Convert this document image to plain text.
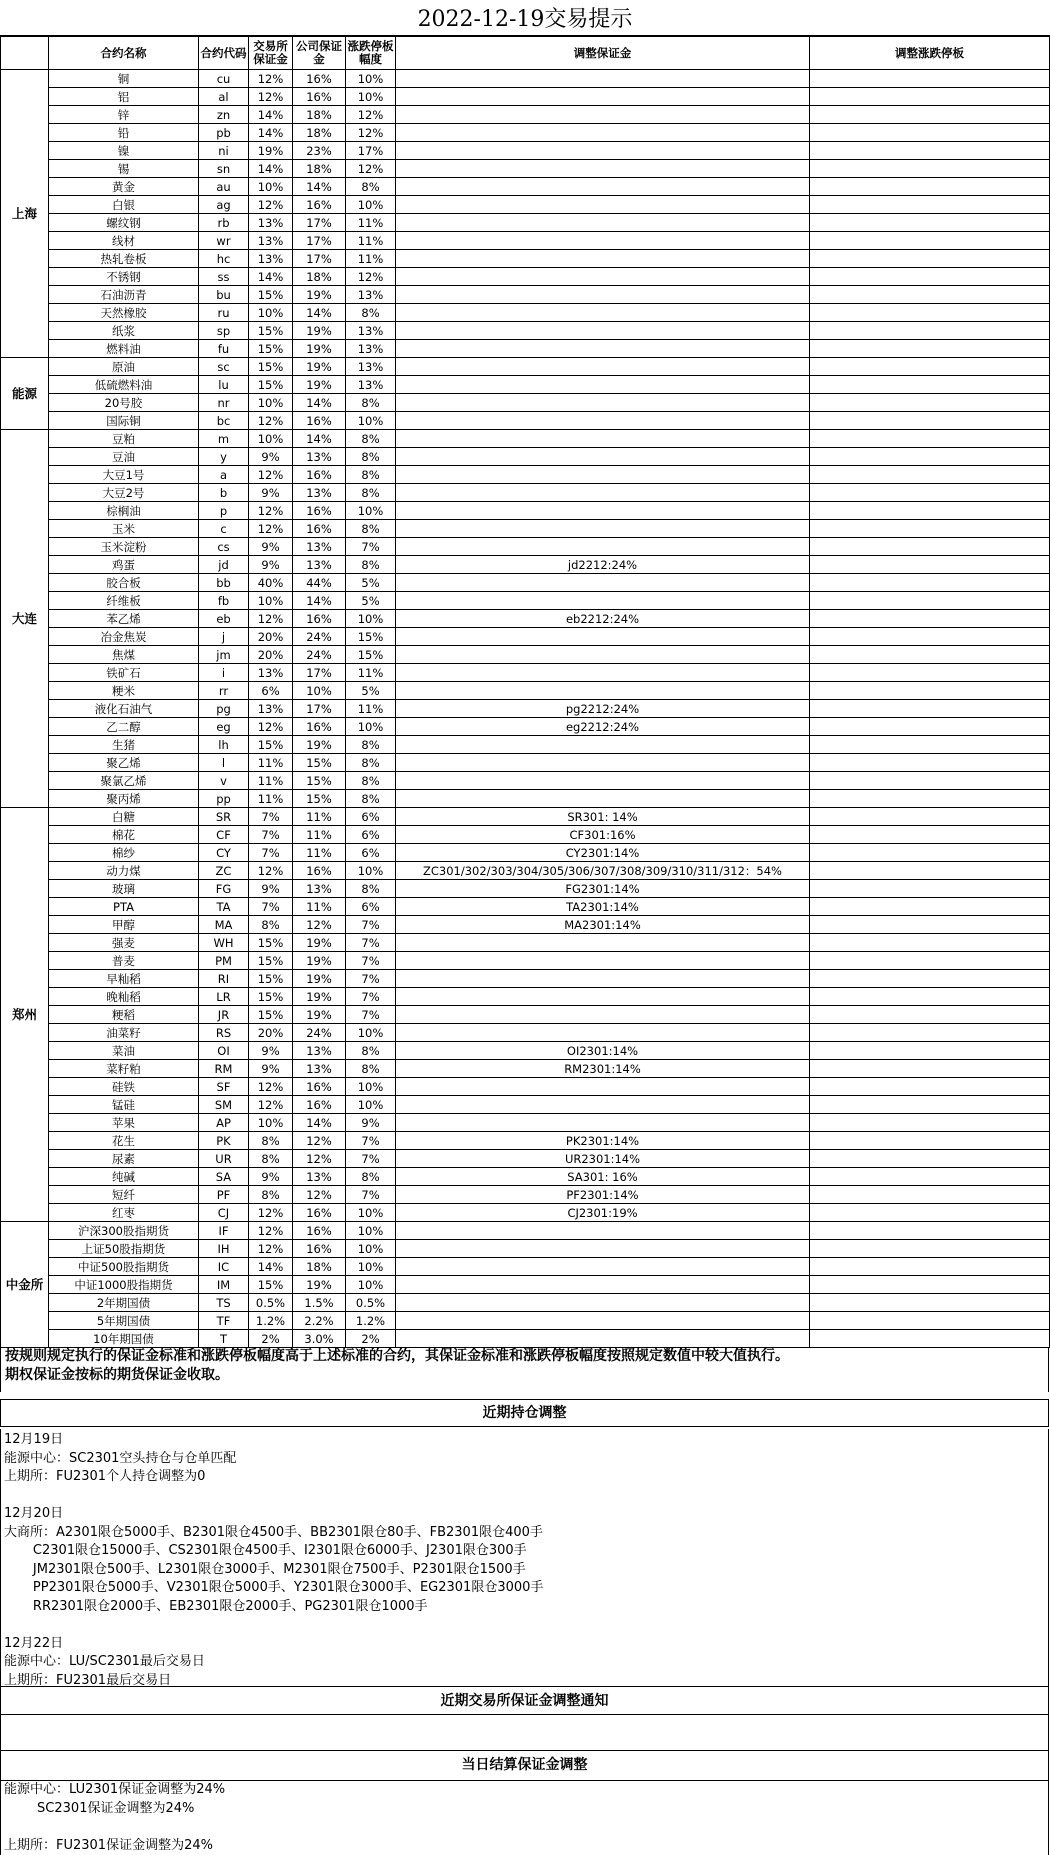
2022-12-19交易提示
	合约名称	合约代码	交易所保证金	公司保证金	涨跌停板幅度	调整保证金	调整涨跌停板
上海	铜	cu	12%	16%	10%		
	铝	al	12%	16%	10%		
	锌	zn	14%	18%	12%		
	铅	pb	14%	18%	12%		
	镍	ni	19%	23%	17%		
	锡	sn	14%	18%	12%		
	黄金	au	10%	14%	8%		
	白银	ag	12%	16%	10%		
	螺纹钢	rb	13%	17%	11%		
	线材	wr	13%	17%	11%		
	热轧卷板	hc	13%	17%	11%		
	不锈钢	ss	14%	18%	12%		
	石油沥青	bu	15%	19%	13%		
	天然橡胶	ru	10%	14%	8%		
	纸浆	sp	15%	19%	13%		
	燃料油	fu	15%	19%	13%		
能源	原油	sc	15%	19%	13%		
	低硫燃料油	lu	15%	19%	13%		
	20号胶	nr	10%	14%	8%		
	国际铜	bc	12%	16%	10%		
大连	豆粕	m	10%	14%	8%		
	豆油	y	9%	13%	8%		
	大豆1号	a	12%	16%	8%		
	大豆2号	b	9%	13%	8%		
	棕榈油	p	12%	16%	10%		
	玉米	c	12%	16%	8%		
	玉米淀粉	cs	9%	13%	7%		
	鸡蛋	jd	9%	13%	8%	jd2212:24%	
	胶合板	bb	40%	44%	5%		
	纤维板	fb	10%	14%	5%		
	苯乙烯	eb	12%	16%	10%	eb2212:24%	
	冶金焦炭	j	20%	24%	15%		
	焦煤	jm	20%	24%	15%		
	铁矿石	i	13%	17%	11%		
	粳米	rr	6%	10%	5%		
	液化石油气	pg	13%	17%	11%	pg2212:24%	
	乙二醇	eg	12%	16%	10%	eg2212:24%	
	生猪	lh	15%	19%	8%		
	聚乙烯	l	11%	15%	8%		
	聚氯乙烯	v	11%	15%	8%		
	聚丙烯	pp	11%	15%	8%		
郑州	白糖	SR	7%	11%	6%	SR301: 14%	
	棉花	CF	7%	11%	6%	CF301:16%	
	棉纱	CY	7%	11%	6%	CY2301:14%	
	动力煤	ZC	12%	16%	10%	ZC301/302/303/304/305/306/307/308/309/310/311/312：54%	
	玻璃	FG	9%	13%	8%	FG2301:14%	
	PTA	TA	7%	11%	6%	TA2301:14%	
	甲醇	MA	8%	12%	7%	MA2301:14%	
	强麦	WH	15%	19%	7%		
	普麦	PM	15%	19%	7%		
	早籼稻	RI	15%	19%	7%		
	晚籼稻	LR	15%	19%	7%		
	粳稻	JR	15%	19%	7%		
	油菜籽	RS	20%	24%	10%		
	菜油	OI	9%	13%	8%	OI2301:14%	
	菜籽粕	RM	9%	13%	8%	RM2301:14%	
	硅铁	SF	12%	16%	10%		
	锰硅	SM	12%	16%	10%		
	苹果	AP	10%	14%	9%		
	花生	PK	8%	12%	7%	PK2301:14%	
	尿素	UR	8%	12%	7%	UR2301:14%	
	纯碱	SA	9%	13%	8%	SA301: 16%	
	短纤	PF	8%	12%	7%	PF2301:14%	
	红枣	CJ	12%	16%	10%	CJ2301:19%	
中金所	沪深300股指期货	IF	12%	16%	10%		
	上证50股指期货	IH	12%	16%	10%		
	中证500股指期货	IC	14%	18%	10%		
	中证1000股指期货	IM	15%	19%	10%		
	2年期国债	TS	0.5%	1.5%	0.5%		
	5年期国债	TF	1.2%	2.2%	1.2%		
	10年期国债	T	2%	3.0%	2%		
按规则规定执行的保证金标准和涨跌停板幅度高于上述标准的合约，其保证金标准和涨跌停板幅度按照规定数值中较大值执行。
期权保证金按标的期货保证金收取。
近期持仓调整
12月19日
能源中心：SC2301空头持仓与仓单匹配
上期所：FU2301个人持仓调整为0

12月20日
大商所：A2301限仓5000手、B2301限仓4500手、BB2301限仓80手、FB2301限仓400手
C2301限仓15000手、CS2301限仓4500手、I2301限仓6000手、J2301限仓300手
JM2301限仓500手、L2301限仓3000手、M2301限仓7500手、P2301限仓1500手
PP2301限仓5000手、V2301限仓5000手、Y2301限仓3000手、EG2301限仓3000手
RR2301限仓2000手、EB2301限仓2000手、PG2301限仓1000手

12月22日
能源中心：LU/SC2301最后交易日
上期所：FU2301最后交易日
近期交易所保证金调整通知
当日结算保证金调整
能源中心：LU2301保证金调整为24%
SC2301保证金调整为24%

上期所：FU2301保证金调整为24%
